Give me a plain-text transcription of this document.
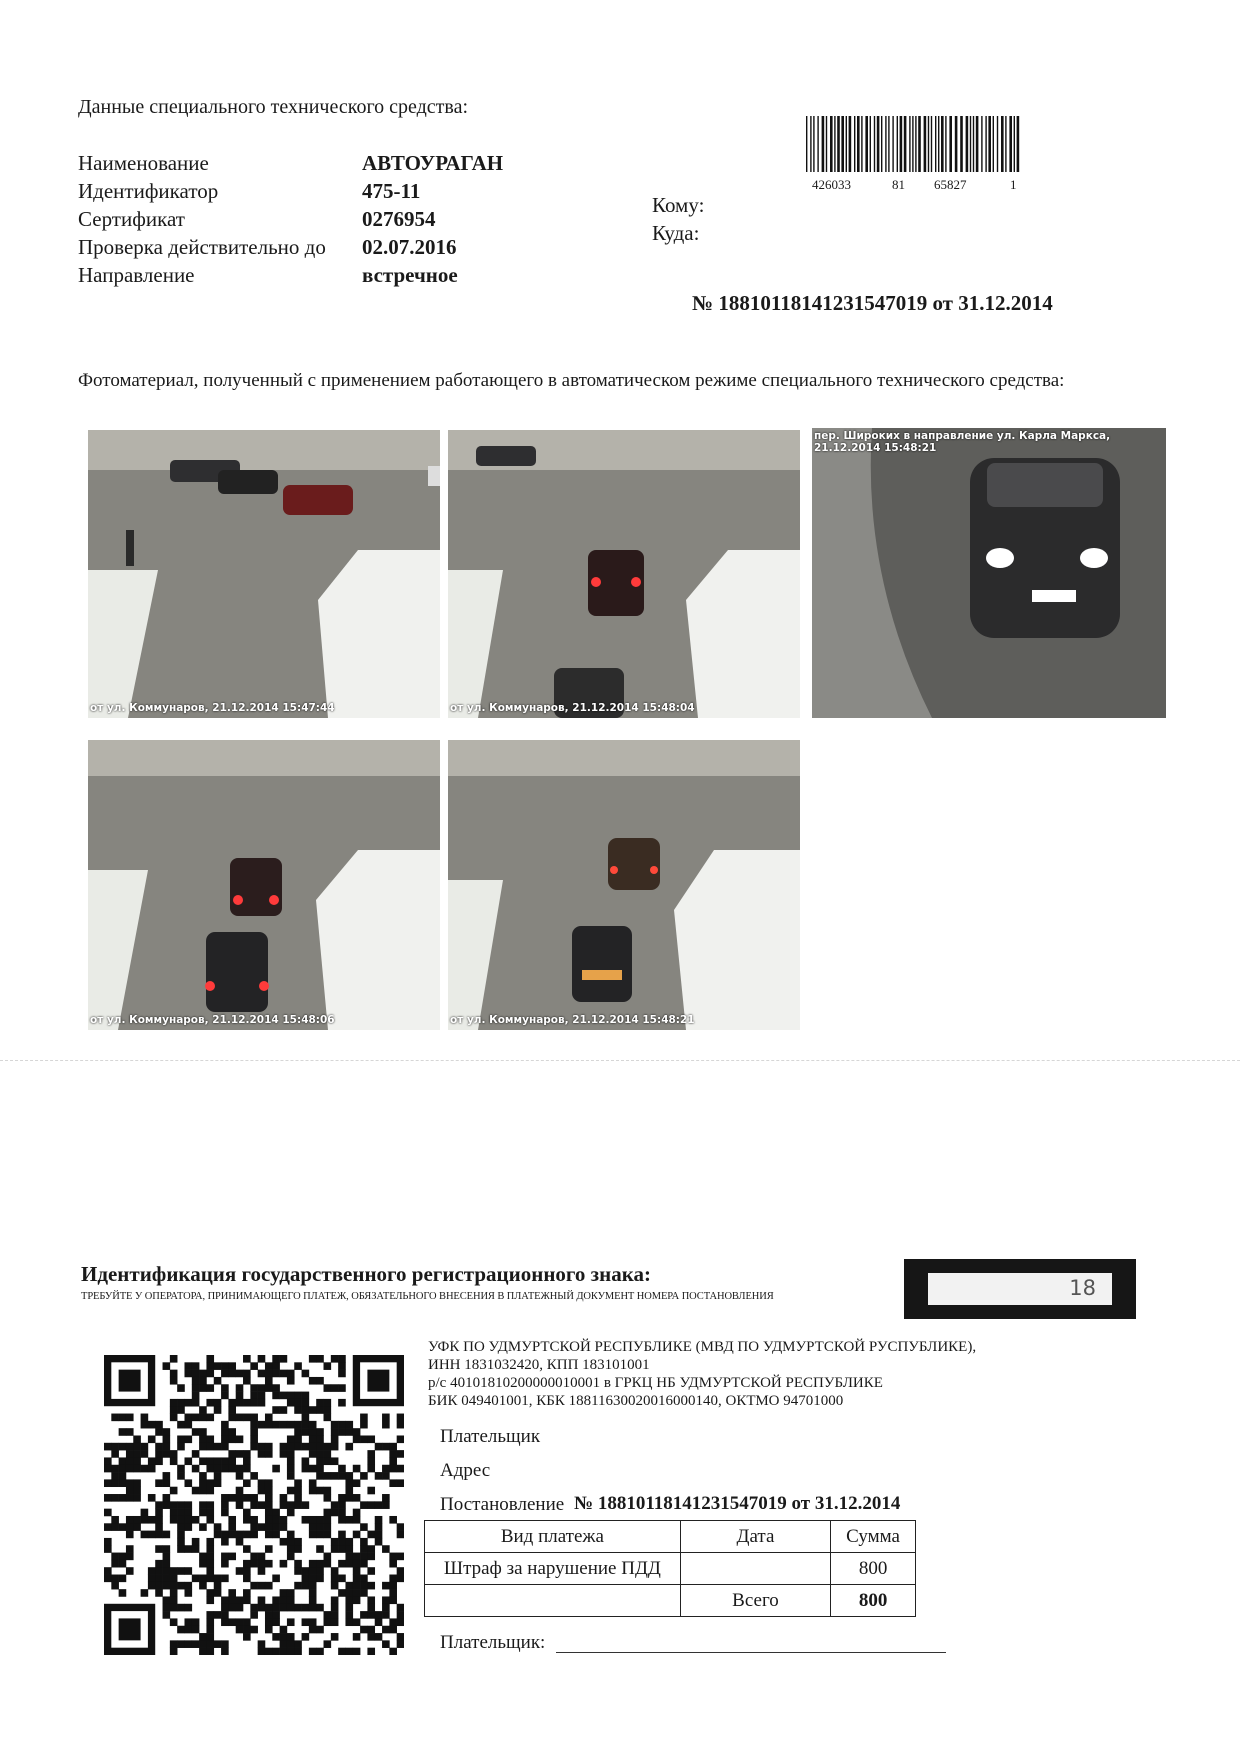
Данные специального технического средства:
Наименование	АВТОУРАГАН
Идентификатор	475-11
Сертификат	0276954
Проверка действительно до 02.07.2016
Направление	встречное
426033	81 65827	1
Кому:
Куда:
№ 18810118141231547019 от 31.12.2014
Фотоматериал, полученный с применением работающего в автоматическом режиме специального технического средства:
от ул. Коммунаров, 21.12.2014 15:47:44	от ул. Коммунаров, 21.12.2014 15:48:04
пер. Широких в направление ул. Карла Маркса, 21.12.2014 15:48:21
от ул. Коммунаров, 21.12.2014 15:48:06	от ул. Коммунаров, 21.12.2014 15:48:21
Идентификация государственного регистрационного знака:
ТРЕБУЙТЕ У ОПЕРАТОРА, ПРИНИМАЮЩЕГО ПЛАТЕЖ, ОБЯЗАТЕЛЬНОГО ВНЕСЕНИЯ В ПЛАТЕЖНЫЙ ДОКУМЕНТ НОМЕРА ПОСТАНОВЛЕНИЯ	18
УФК ПО УДМУРТСКОЙ РЕСПУБЛИКЕ (МВД ПО УДМУРТСКОЙ РУСПУБЛИКЕ),
ИНН 1831032420, КПП 183101001
р/с 40101810200000010001 в ГРКЦ НБ УДМУРТСКОЙ РЕСПУБЛИКЕ
БИК 049401001, КБК 18811630020016000140, ОКТМО 94701000
Плательщик
Адрес
Постановление № 18810118141231547019 от 31.12.2014
Вид платежа	Дата	Сумма
Штраф за нарушение ПДД		800
	Всего	800
Плательщик:
